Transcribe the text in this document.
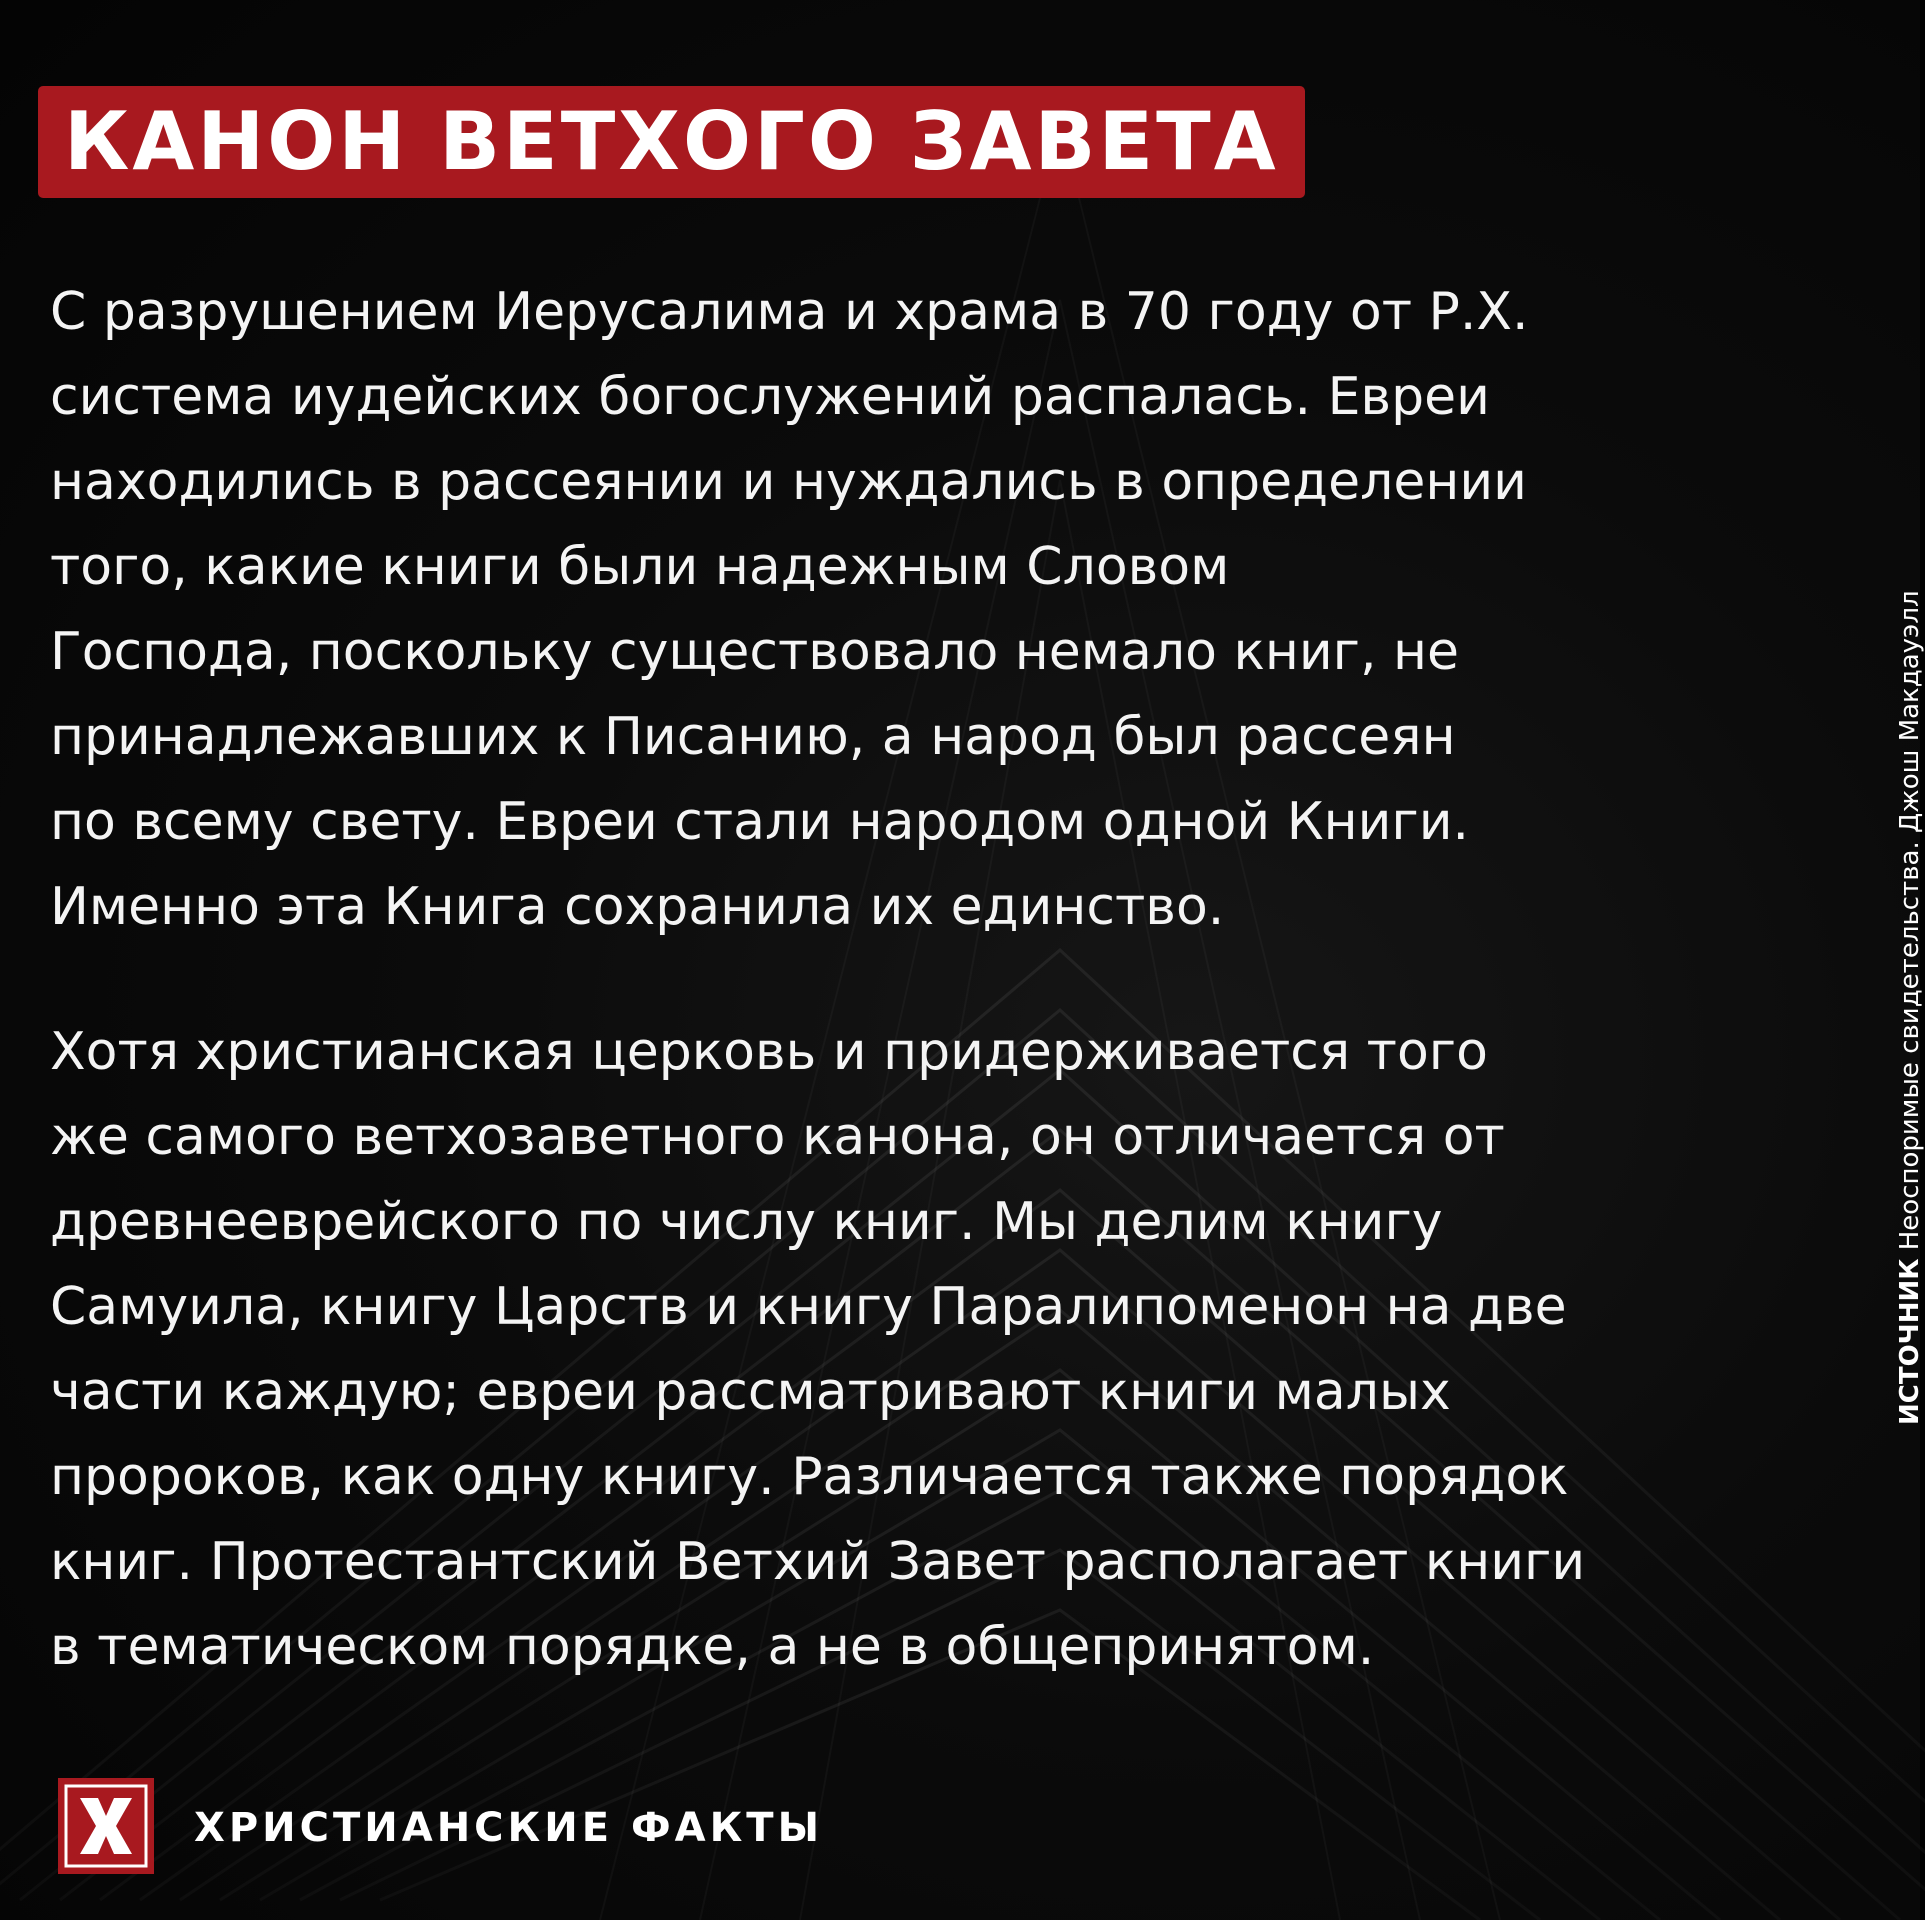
КАНОН ВЕТХОГО ЗАВЕТА
С разрушением Иерусалима и храма в 70 году от Р.Х.
система иудейских богослужений распалась. Евреи
находились в рассеянии и нуждались в определении
того, какие книги были надежным Словом
Господа, поскольку существовало немало книг, не
принадлежавших к Писанию, а народ был рассеян
по всему свету. Евреи стали народом одной Книги.
Именно эта Книга сохранила их единство.
Хотя христианская церковь и придерживается того
же самого ветхозаветного канона, он отличается от
древнееврейского по числу книг. Мы делим книгу
Самуила, книгу Царств и книгу Паралипоменон на две
части каждую; евреи рассматривают книги малых
пророков, как одну книгу. Различается также порядок
книг. Протестантский Ветхий Завет располагает книги
в тематическом порядке, а не в общепринятом.
ИСТОЧНИК Неоспоримые свидетельства. Джош Макдауэлл
ХРИСТИАНСКИЕ ФАКТЫ
